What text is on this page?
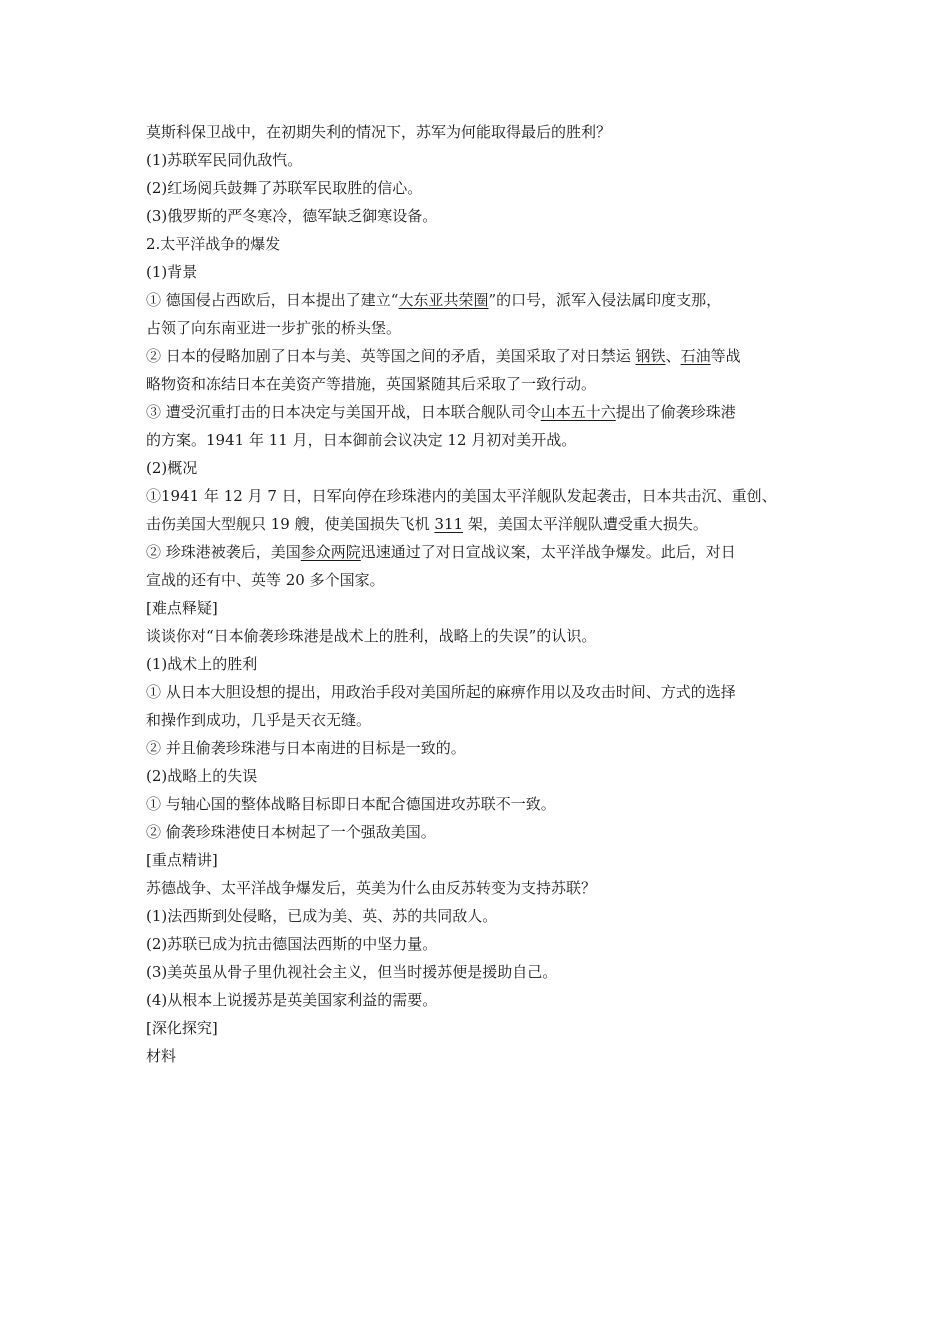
莫斯科保卫战中，在初期失利的情况下，苏军为何能取得最后的胜利？
(1)苏联军民同仇敌忾。
(2)红场阅兵鼓舞了苏联军民取胜的信心。
(3)俄罗斯的严冬寒冷，德军缺乏御寒设备。
2.太平洋战争的爆发
(1)背景
① 德国侵占西欧后，日本提出了建立“大东亚共荣圈”的口号，派军入侵法属印度支那，
占领了向东南亚进一步扩张的桥头堡。
② 日本的侵略加剧了日本与美、英等国之间的矛盾，美国采取了对日禁运 钢铁、石油等战
略物资和冻结日本在美资产等措施，英国紧随其后采取了一致行动。
③ 遭受沉重打击的日本决定与美国开战，日本联合舰队司令山本五十六提出了偷袭珍珠港
的方案。1941 年 11 月，日本御前会议决定 12 月初对美开战。
(2)概况
①1941 年 12 月 7 日，日军向停在珍珠港内的美国太平洋舰队发起袭击，日本共击沉、重创、
击伤美国大型舰只 19 艘，使美国损失飞机 311 架，美国太平洋舰队遭受重大损失。
② 珍珠港被袭后，美国参众两院迅速通过了对日宣战议案，太平洋战争爆发。此后，对日
宣战的还有中、英等 20 多个国家。
[难点释疑]
谈谈你对“日本偷袭珍珠港是战术上的胜利，战略上的失误”的认识。
(1)战术上的胜利
① 从日本大胆设想的提出，用政治手段对美国所起的麻痹作用以及攻击时间、方式的选择
和操作到成功，几乎是天衣无缝。
② 并且偷袭珍珠港与日本南进的目标是一致的。
(2)战略上的失误
① 与轴心国的整体战略目标即日本配合德国进攻苏联不一致。
② 偷袭珍珠港使日本树起了一个强敌美国。
[重点精讲]
苏德战争、太平洋战争爆发后，英美为什么由反苏转变为支持苏联？
(1)法西斯到处侵略，已成为美、英、苏的共同敌人。
(2)苏联已成为抗击德国法西斯的中坚力量。
(3)美英虽从骨子里仇视社会主义，但当时援苏便是援助自己。
(4)从根本上说援苏是英美国家利益的需要。
[深化探究]
材料
